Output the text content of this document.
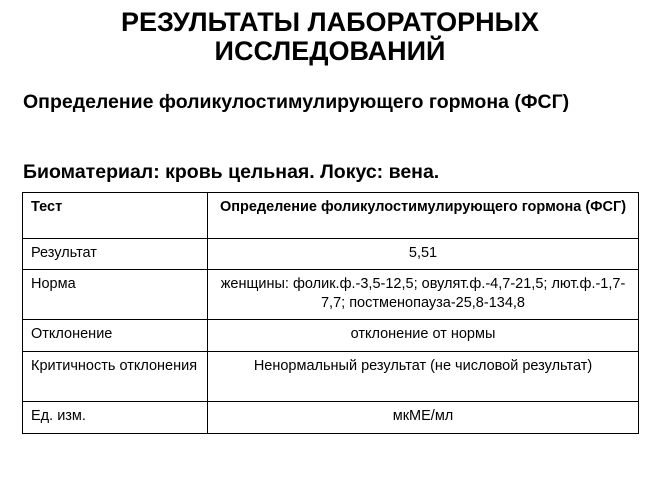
РЕЗУЛЬТАТЫ ЛАБОРАТОРНЫХ
ИССЛЕДОВАНИЙ
Определение фоликулостимулирующего гормона (ФСГ)
Биоматериал: кровь цельная. Локус: вена.
Тест	Определение фоликулостимулирующего гормона (ФСГ)
Результат	5,51
Норма	женщины: фолик.ф.-3,5-12,5; овулят.ф.-4,7-21,5; лют.ф.-1,7-7,7; постменопауза-25,8-134,8
Отклонение	отклонение от нормы
Критичность отклонения	Ненормальный результат (не числовой результат)
Ед. изм.	мкМЕ/мл
